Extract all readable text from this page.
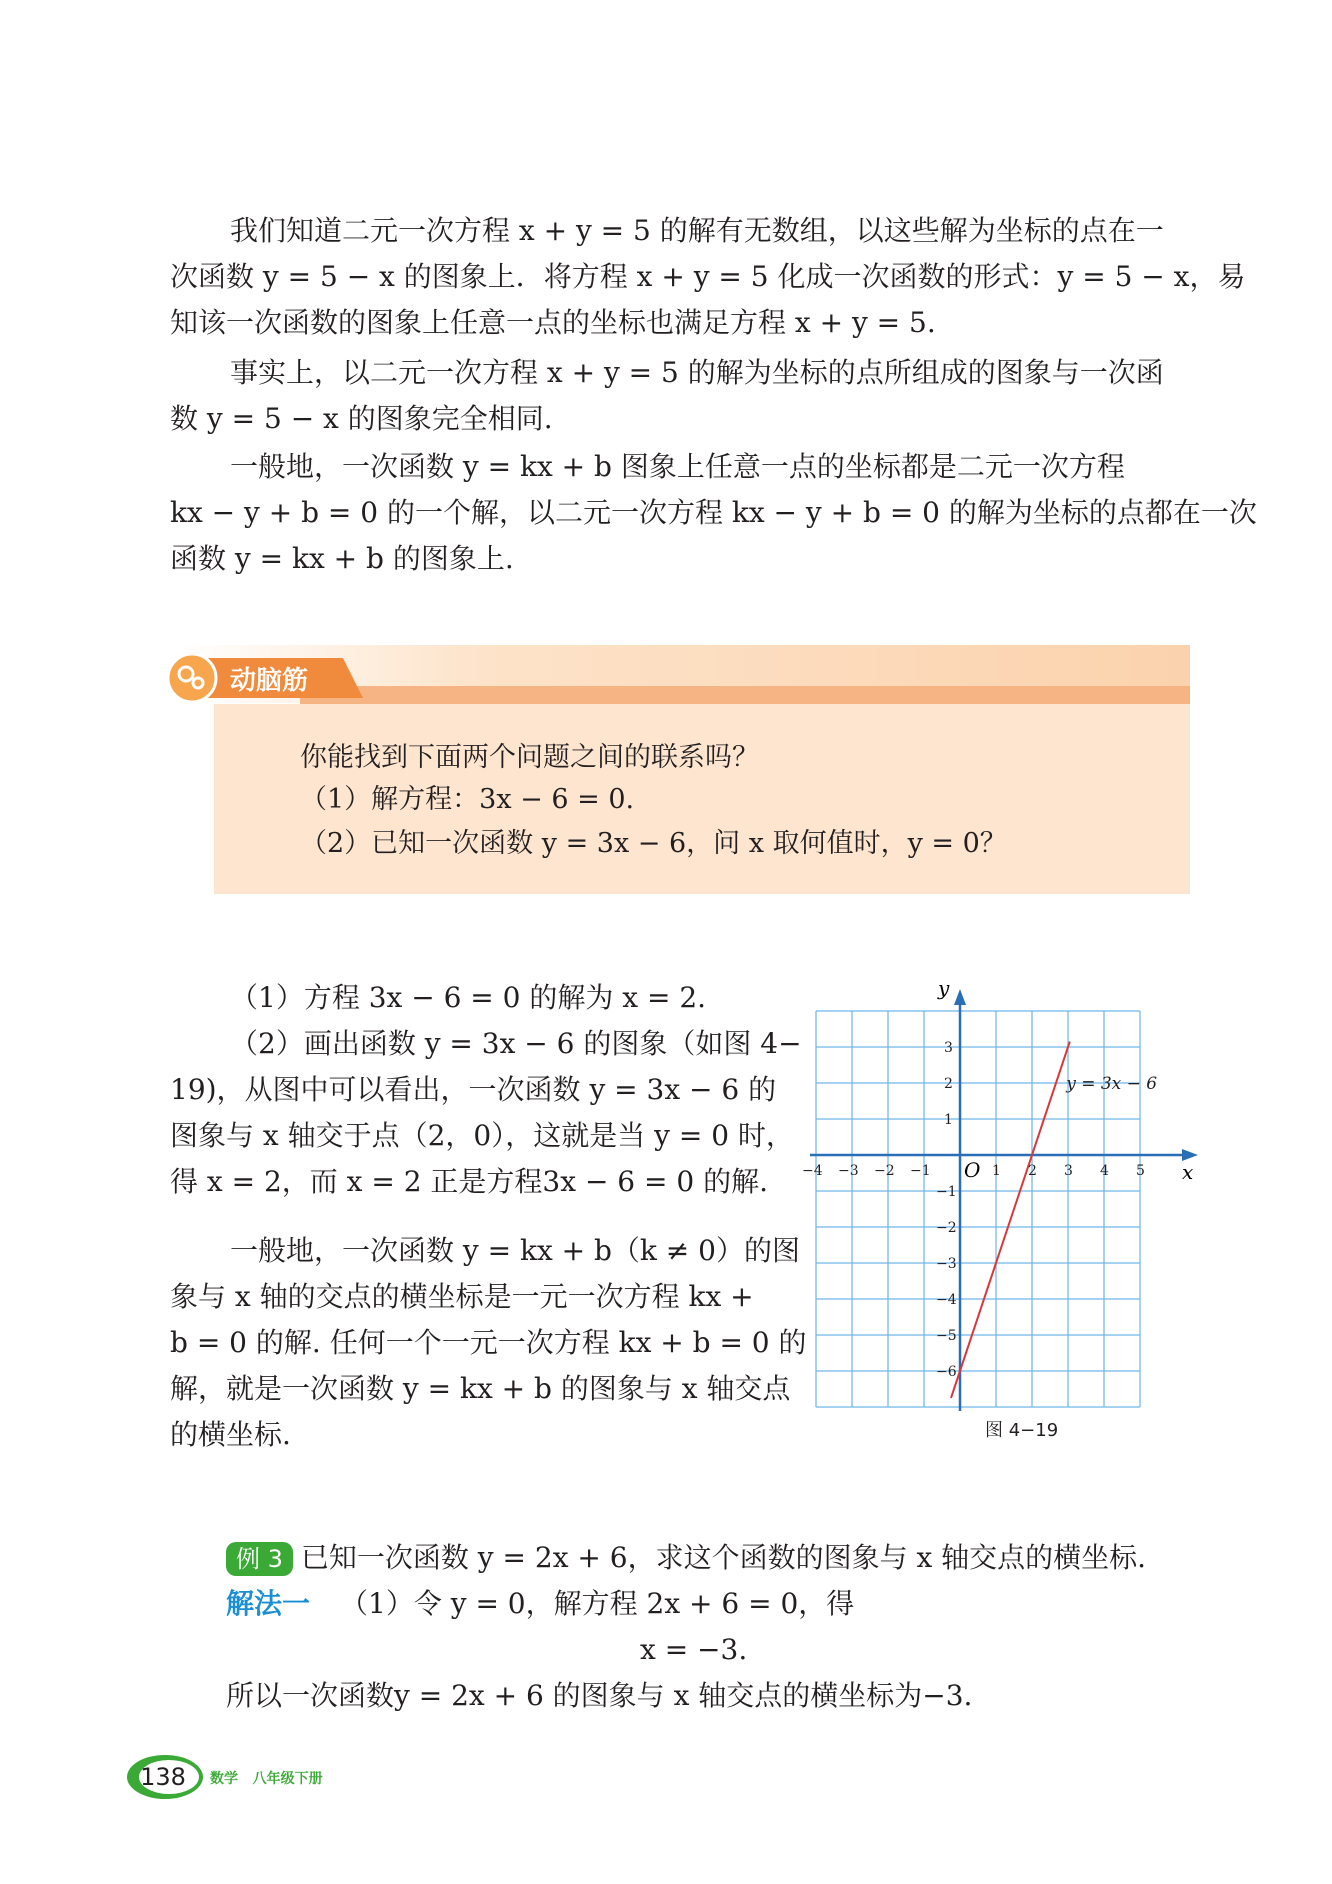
我们知道二元一次方程 x + y = 5 的解有无数组，以这些解为坐标的点在一
次函数 y = 5 − x 的图象上．将方程 x + y = 5 化成一次函数的形式：y = 5 − x，易
知该一次函数的图象上任意一点的坐标也满足方程 x + y = 5.
事实上，以二元一次方程 x + y = 5 的解为坐标的点所组成的图象与一次函
数 y = 5 − x 的图象完全相同.
一般地，一次函数 y = kx + b 图象上任意一点的坐标都是二元一次方程
kx − y + b = 0 的一个解，以二元一次方程 kx − y + b = 0 的解为坐标的点都在一次
函数 y = kx + b 的图象上.
动脑筋
你能找到下面两个问题之间的联系吗？
（1）解方程：3x − 6 = 0.
（2）已知一次函数 y = 3x − 6，问 x 取何值时，y = 0？
（1）方程 3x − 6 = 0 的解为 x = 2.
（2）画出函数 y = 3x − 6 的图象（如图 4−
19)，从图中可以看出，一次函数 y = 3x − 6 的
图象与 x 轴交于点（2，0），这就是当 y = 0 时，
得 x = 2，而 x = 2 正是方程3x − 6 = 0 的解.
一般地，一次函数 y = kx + b（k ≠ 0）的图
象与 x 轴的交点的横坐标是一元一次方程 kx +
b = 0 的解. 任何一个一元一次方程 kx + b = 0 的
解，就是一次函数 y = kx + b 的图象与 x 轴交点
的横坐标.
−4 −3 −2 −1	1 2 3 4 5
1
2
3
−1
−2
−3
−4
−5
−6
y = 3x − 6
x
y
O
图 4−19
例 3 已知一次函数 y = 2x + 6，求这个函数的图象与 x 轴交点的横坐标.
解法一 （1）令 y = 0，解方程 2x + 6 = 0，得
x = −3.
所以一次函数y = 2x + 6 的图象与 x 轴交点的横坐标为−3.
138	数学 八年级下册
